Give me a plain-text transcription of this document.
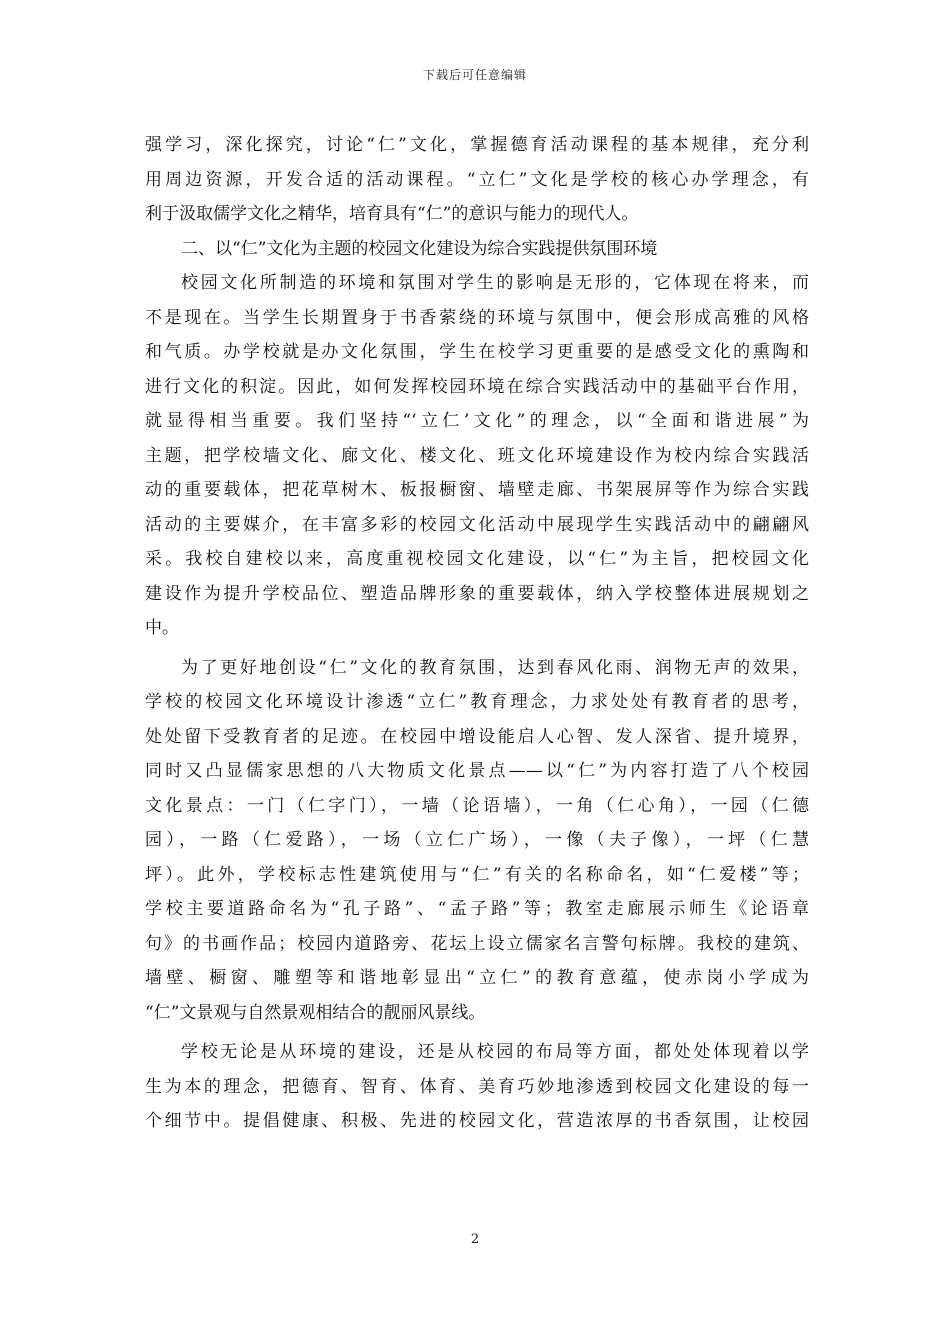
下载后可任意编辑
强学习，深化探究，讨论“仁”文化，掌握德育活动课程的基本规律，充分利
用周边资源，开发合适的活动课程。“立仁”文化是学校的核心办学理念，有
利于汲取儒学文化之精华，培育具有“仁”的意识与能力的现代人。
二、以“仁”文化为主题的校园文化建设为综合实践提供氛围环境
校园文化所制造的环境和氛围对学生的影响是无形的，它体现在将来，而
不是现在。当学生长期置身于书香萦绕的环境与氛围中，便会形成高雅的风格
和气质。办学校就是办文化氛围，学生在校学习更重要的是感受文化的熏陶和
进行文化的积淀。因此，如何发挥校园环境在综合实践活动中的基础平台作用，
就显得相当重要。我们坚持“‘立仁’文化”的理念，以“全面和谐进展”为
主题，把学校墙文化、廊文化、楼文化、班文化环境建设作为校内综合实践活
动的重要载体，把花草树木、板报橱窗、墙壁走廊、书架展屏等作为综合实践
活动的主要媒介，在丰富多彩的校园文化活动中展现学生实践活动中的翩翩风
采。我校自建校以来，高度重视校园文化建设，以“仁”为主旨，把校园文化
建设作为提升学校品位、塑造品牌形象的重要载体，纳入学校整体进展规划之
中。
为了更好地创设“仁”文化的教育氛围，达到春风化雨、润物无声的效果，
学校的校园文化环境设计渗透“立仁”教育理念，力求处处有教育者的思考，
处处留下受教育者的足迹。在校园中增设能启人心智、发人深省、提升境界，
同时又凸显儒家思想的八大物质文化景点——以“仁”为内容打造了八个校园
文化景点：一门（仁字门），一墙（论语墙），一角（仁心角），一园（仁德
园），一路（仁爱路），一场（立仁广场），一像（夫子像），一坪（仁慧
坪）。此外，学校标志性建筑使用与“仁”有关的名称命名，如“仁爱楼”等；
学校主要道路命名为“孔子路”、“孟子路”等；教室走廊展示师生《论语章
句》的书画作品；校园内道路旁、花坛上设立儒家名言警句标牌。我校的建筑、
墙壁、橱窗、雕塑等和谐地彰显出“立仁”的教育意蕴，使赤岗小学成为
“仁”文景观与自然景观相结合的靓丽风景线。
学校无论是从环境的建设，还是从校园的布局等方面，都处处体现着以学
生为本的理念，把德育、智育、体育、美育巧妙地渗透到校园文化建设的每一
个细节中。提倡健康、积极、先进的校园文化，营造浓厚的书香氛围，让校园
2
